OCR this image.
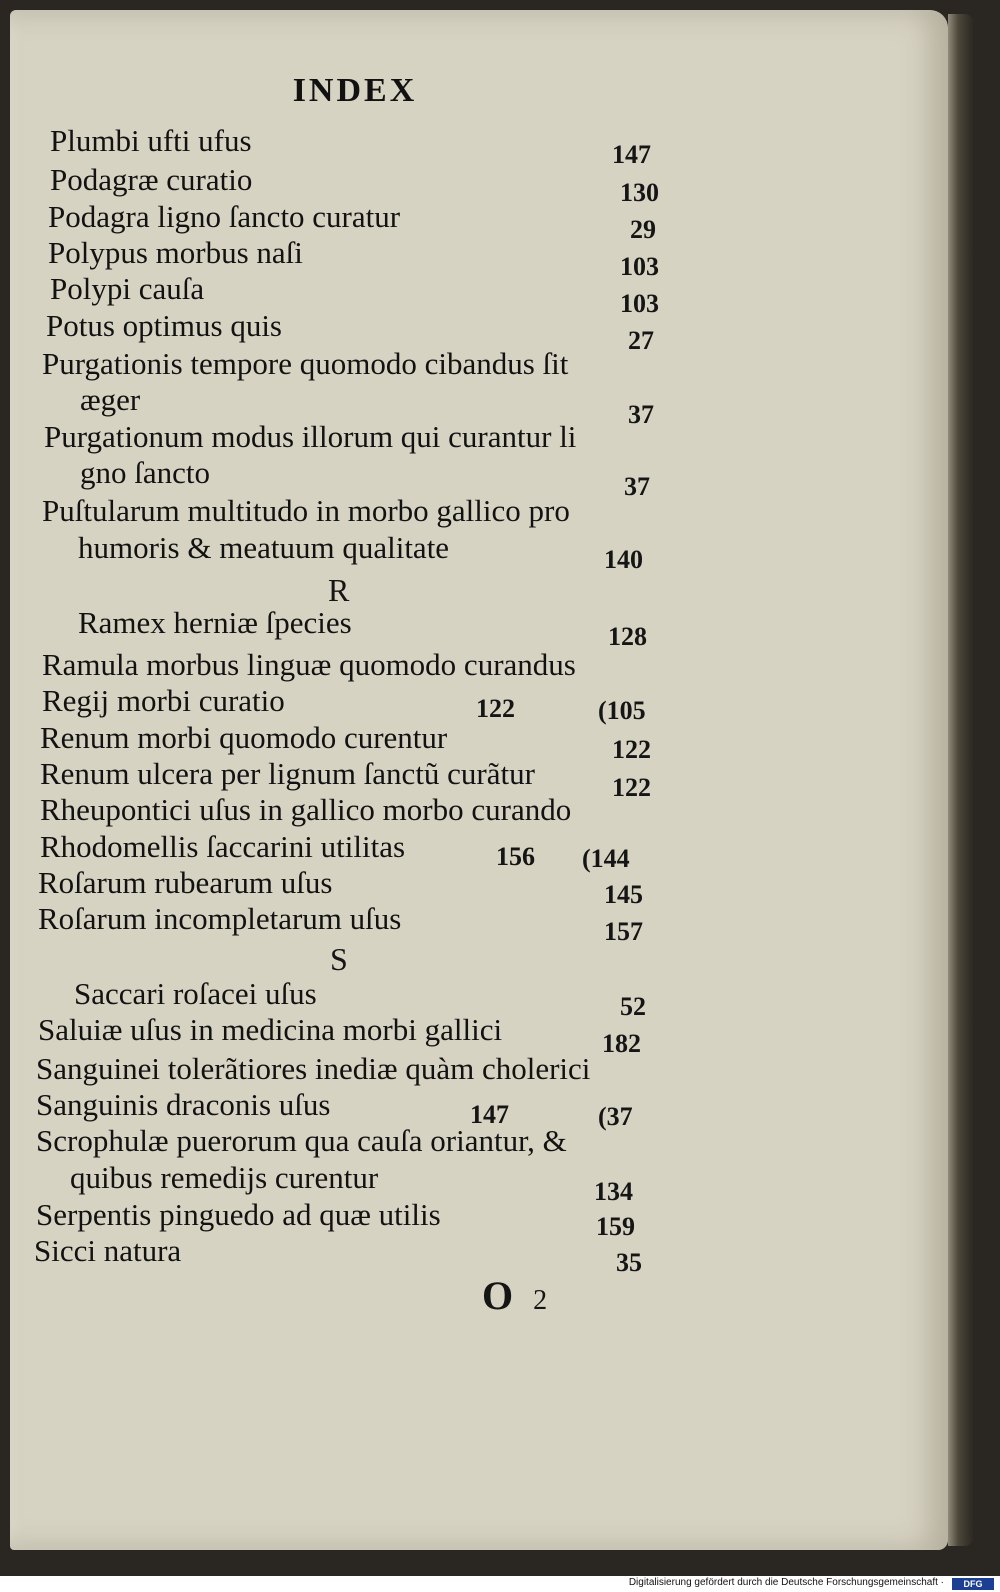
INDEX
Plumbi ufti ufus	147
Podagræ curatio	130
Podagra ligno ſancto curatur	29
Polypus morbus naſi	103
Polypi cauſa	103
Potus optimus quis	27
Purgationis tempore quomodo cibandus ſit
æger	37
Purgationum modus illorum qui curantur li
gno ſancto	37
Puſtularum multitudo in morbo gallico pro
humoris & meatuum qualitate	140
R
Ramex herniæ ſpecies	128
Ramula morbus linguæ quomodo curandus
Regij morbi curatio	122	(105
Renum morbi quomodo curentur	122
Renum ulcera per lignum ſanctũ curãtur	122
Rheupontici uſus in gallico morbo curando
Rhodomellis ſaccarini utilitas	156 (144
Roſarum rubearum uſus	145
Roſarum incompletarum uſus	157
S
Saccari roſacei uſus	52
Saluiæ uſus in medicina morbi gallici	182
Sanguinei tolerãtiores inediæ quàm cholerici
Sanguinis draconis uſus	147	(37
Scrophulæ puerorum qua cauſa oriantur, &
quibus remedijs curentur	134
Serpentis pinguedo ad quæ utilis	159
Sicci natura	35
O 2
Digitalisierung gefördert durch die Deutsche Forschungsgemeinschaft ·	DFG
